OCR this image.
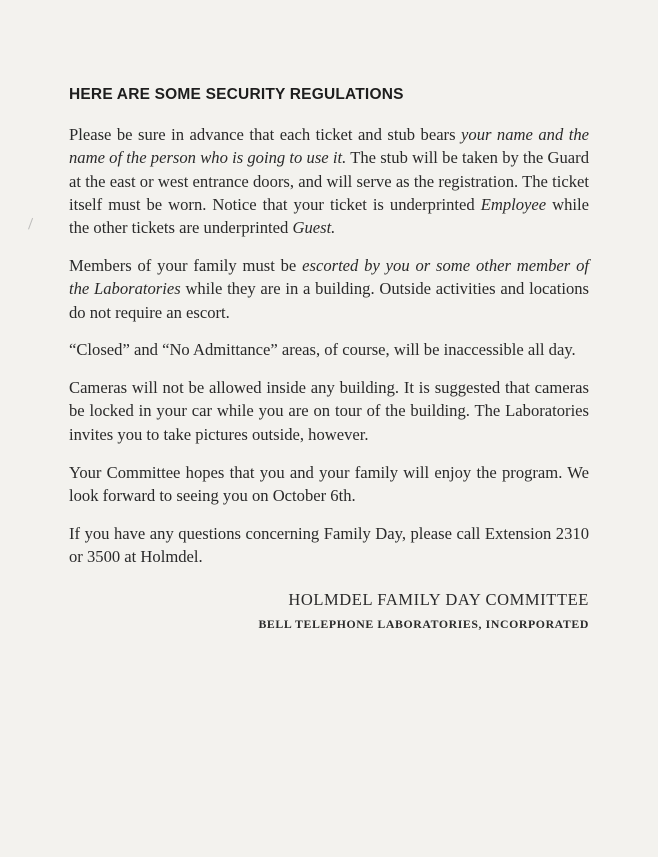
HERE ARE SOME SECURITY REGULATIONS

Please be sure in advance that each ticket and stub bears your name and the name of the person who is going to use it. The stub will be taken by the Guard at the east or west entrance doors, and will serve as the registration. The ticket itself must be worn. Notice that your ticket is underprinted Employee while the other tickets are underprinted Guest.

Members of your family must be escorted by you or some other member of the Laboratories while they are in a building. Outside activities and locations do not require an escort.

“Closed” and “No Admittance” areas, of course, will be inaccessible all day.

Cameras will not be allowed inside any building. It is suggested that cameras be locked in your car while you are on tour of the building. The Laboratories invites you to take pictures outside, however.

Your Committee hopes that you and your family will enjoy the program. We look forward to seeing you on October 6th.

If you have any questions concerning Family Day, please call Extension 2310 or 3500 at Holmdel.

HOLMDEL FAMILY DAY COMMITTEE
BELL TELEPHONE LABORATORIES, INCORPORATED
